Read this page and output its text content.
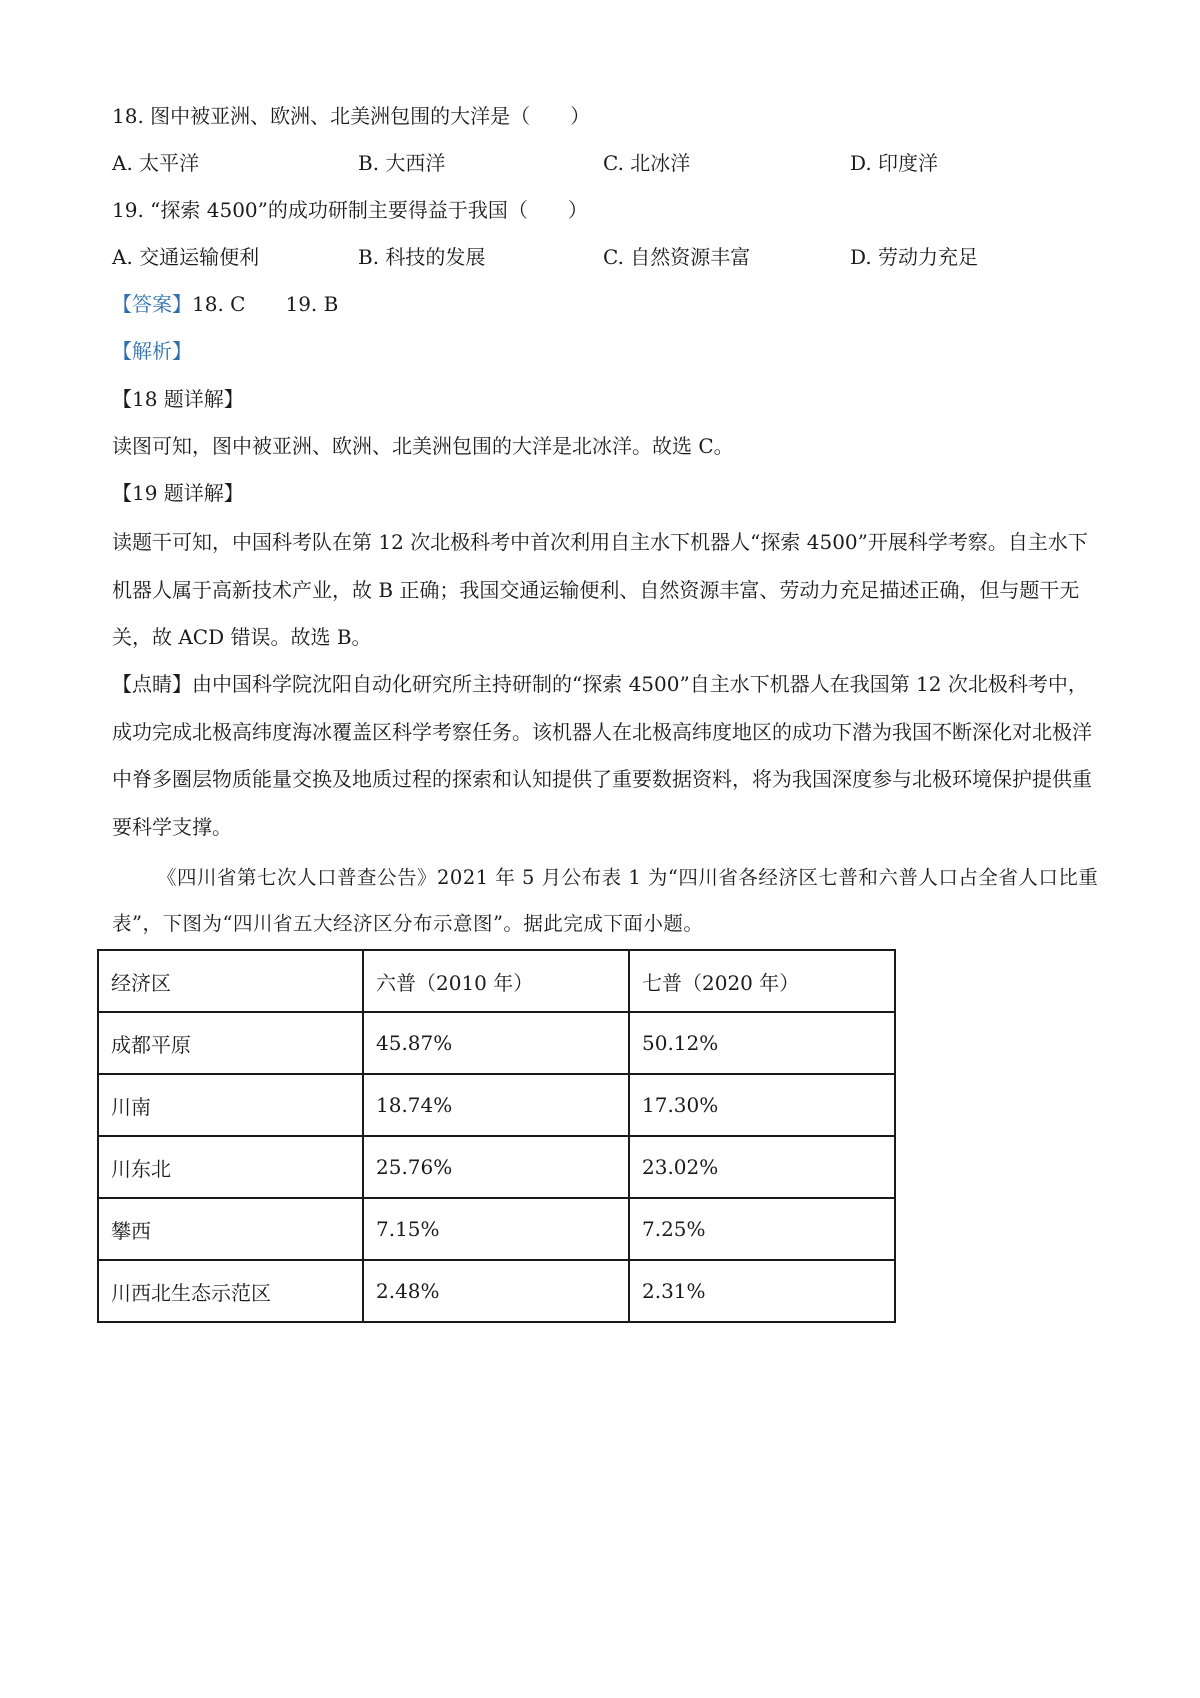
18. 图中被亚洲、欧洲、北美洲包围的大洋是（　　）
A. 太平洋	B. 大西洋	C. 北冰洋	D. 印度洋
19. “探索 4500”的成功研制主要得益于我国（　　）
A. 交通运输便利	B. 科技的发展	C. 自然资源丰富	D. 劳动力充足
【答案】18. C　　19. B
【解析】
【18 题详解】
读图可知，图中被亚洲、欧洲、北美洲包围的大洋是北冰洋。故选 C。
【19 题详解】
读题干可知，中国科考队在第 12 次北极科考中首次利用自主水下机器人“探索 4500”开展科学考察。自主水下机器人属于高新技术产业，故 B 正确；我国交通运输便利、自然资源丰富、劳动力充足描述正确，但与题干无关，故 ACD 错误。故选 B。
【点睛】由中国科学院沈阳自动化研究所主持研制的“探索 4500”自主水下机器人在我国第 12 次北极科考中，成功完成北极高纬度海冰覆盖区科学考察任务。该机器人在北极高纬度地区的成功下潜为我国不断深化对北极洋中脊多圈层物质能量交换及地质过程的探索和认知提供了重要数据资料，将为我国深度参与北极环境保护提供重要科学支撑。
《四川省第七次人口普查公告》2021 年 5 月公布表 1 为“四川省各经济区七普和六普人口占全省人口比重表”，下图为“四川省五大经济区分布示意图”。据此完成下面小题。
经济区	六普（2010 年）	七普（2020 年）
成都平原	45.87%	50.12%
川南	18.74%	17.30%
川东北	25.76%	23.02%
攀西	7.15%	7.25%
川西北生态示范区	2.48%	2.31%
